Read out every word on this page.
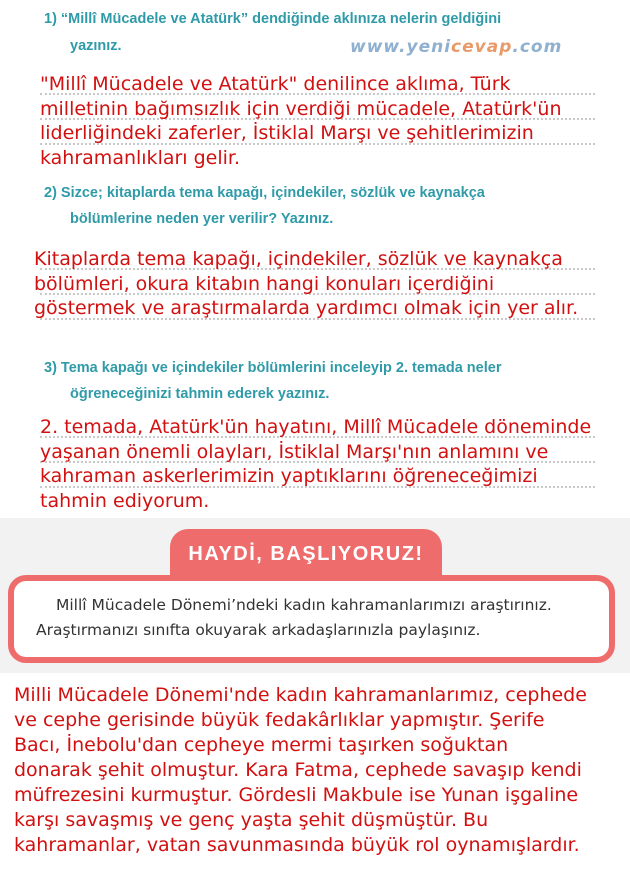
1) “Millî Mücadele ve Atatürk” dendiğinde aklınıza nelerin geldiğini
yazınız.	www.yenicevap.com
"Millî Mücadele ve Atatürk" denilince aklıma, Türk
milletinin bağımsızlık için verdiği mücadele, Atatürk'ün
liderliğindeki zaferler, İstiklal Marşı ve şehitlerimizin
kahramanlıkları gelir.
2) Sizce; kitaplarda tema kapağı, içindekiler, sözlük ve kaynakça
bölümlerine neden yer verilir? Yazınız.
Kitaplarda tema kapağı, içindekiler, sözlük ve kaynakça
bölümleri, okura kitabın hangi konuları içerdiğini
göstermek ve araştırmalarda yardımcı olmak için yer alır.
3) Tema kapağı ve içindekiler bölümlerini inceleyip 2. temada neler
öğreneceğinizi tahmin ederek yazınız.
2. temada, Atatürk'ün hayatını, Millî Mücadele döneminde
yaşanan önemli olayları, İstiklal Marşı'nın anlamını ve
kahraman askerlerimizin yaptıklarını öğreneceğimizi
tahmin ediyorum.
HAYDİ, BAŞLIYORUZ!
Millî Mücadele Dönemi’ndeki kadın kahramanlarımızı araştırınız.
Araştırmanızı sınıfta okuyarak arkadaşlarınızla paylaşınız.
Milli Mücadele Dönemi'nde kadın kahramanlarımız, cephede
ve cephe gerisinde büyük fedakârlıklar yapmıştır. Şerife
Bacı, İnebolu'dan cepheye mermi taşırken soğuktan
donarak şehit olmuştur. Kara Fatma, cephede savaşıp kendi
müfrezesini kurmuştur. Gördesli Makbule ise Yunan işgaline
karşı savaşmış ve genç yaşta şehit düşmüştür. Bu
kahramanlar, vatan savunmasında büyük rol oynamışlardır.
